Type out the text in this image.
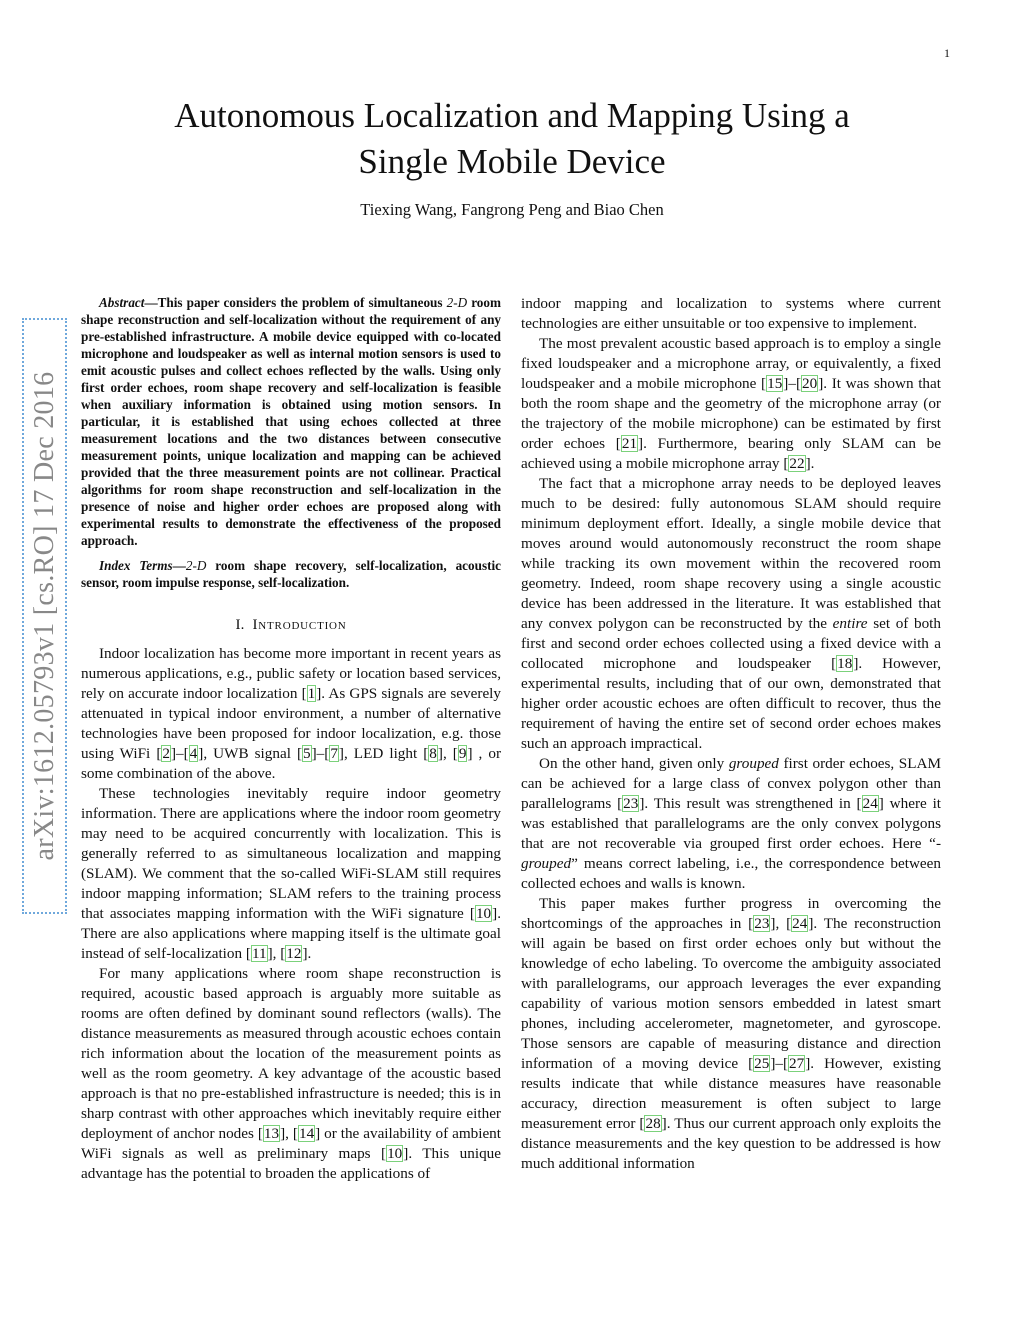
1
Autonomous Localization and Mapping Using a
Single Mobile Device
Tiexing Wang, Fangrong Peng and Biao Chen
arXiv:1612.05793v1 [cs.RO] 17 Dec 2016

Abstract—This paper considers the problem of simultaneous 2-D room shape reconstruction and self-localization without the requirement of any pre-established infrastructure. A mobile device equipped with co-located microphone and loudspeaker as well as internal motion sensors is used to emit acoustic pulses and collect echoes reflected by the walls. Using only first order echoes, room shape recovery and self-localization is feasible when auxiliary information is obtained using motion sensors. In particular, it is established that using echoes collected at three measurement locations and the two distances between consecutive measurement points, unique localization and mapping can be achieved provided that the three measurement points are not collinear. Practical algorithms for room shape reconstruction and self-localization in the presence of noise and higher order echoes are proposed along with experimental results to demonstrate the effectiveness of the proposed approach.

Index Terms—2-D room shape recovery, self-localization, acoustic sensor, room impulse response, self-localization.

I. Introduction

Indoor localization has become more important in recent years as numerous applications, e.g., public safety or location based services, rely on accurate indoor localization [1]. As GPS signals are severely attenuated in typical indoor environment, a number of alternative technologies have been proposed for indoor localization, e.g. those using WiFi [2]–[4], UWB signal [5]–[7], LED light [8], [9] , or some combination of the above.

These technologies inevitably require indoor geometry information. There are applications where the indoor room geometry may need to be acquired concurrently with localization. This is generally referred to as simultaneous localization and mapping (SLAM). We comment that the so-called WiFi-SLAM still requires indoor mapping information; SLAM refers to the training process that associates mapping information with the WiFi signature [10]. There are also applications where mapping itself is the ultimate goal instead of self-localization [11], [12].

For many applications where room shape reconstruction is required, acoustic based approach is arguably more suitable as rooms are often defined by dominant sound reflectors (walls). The distance measurements as measured through acoustic echoes contain rich information about the location of the measurement points as well as the room geometry. A key advantage of the acoustic based approach is that no pre-established infrastructure is needed; this is in sharp contrast with other approaches which inevitably require either deployment of anchor nodes [13], [14] or the availability of ambient WiFi signals as well as preliminary maps [10]. This unique advantage has the potential to broaden the applications of

indoor mapping and localization to systems where current technologies are either unsuitable or too expensive to implement.

The most prevalent acoustic based approach is to employ a single fixed loudspeaker and a microphone array, or equivalently, a fixed loudspeaker and a mobile microphone [15]–[20]. It was shown that both the room shape and the geometry of the microphone array (or the trajectory of the mobile microphone) can be estimated by first order echoes [21]. Furthermore, bearing only SLAM can be achieved using a mobile microphone array [22].

The fact that a microphone array needs to be deployed leaves much to be desired: fully autonomous SLAM should require minimum deployment effort. Ideally, a single mobile device that moves around would autonomously reconstruct the room shape while tracking its own movement within the recovered room geometry. Indeed, room shape recovery using a single acoustic device has been addressed in the literature. It was established that any convex polygon can be reconstructed by the entire set of both first and second order echoes collected using a fixed device with a collocated microphone and loudspeaker [18]. However, experimental results, including that of our own, demonstrated that higher order acoustic echoes are often difficult to recover, thus the requirement of having the entire set of second order echoes makes such an approach impractical.

On the other hand, given only grouped first order echoes, SLAM can be achieved for a large class of convex polygon other than parallelograms [23]. This result was strengthened in [24] where it was established that parallelograms are the only convex polygons that are not recoverable via grouped first order echoes. Here “-grouped” means correct labeling, i.e., the correspondence between collected echoes and walls is known.

This paper makes further progress in overcoming the shortcomings of the approaches in [23], [24]. The reconstruction will again be based on first order echoes only but without the knowledge of echo labeling. To overcome the ambiguity associated with parallelograms, our approach leverages the ever expanding capability of various motion sensors embedded in latest smart phones, including accelerometer, magnetometer, and gyroscope. Those sensors are capable of measuring distance and direction information of a moving device [25]–[27]. However, existing results indicate that while distance measures have reasonable accuracy, direction measurement is often subject to large measurement error [28]. Thus our current approach only exploits the distance measurements and the key question to be addressed is how much additional information
